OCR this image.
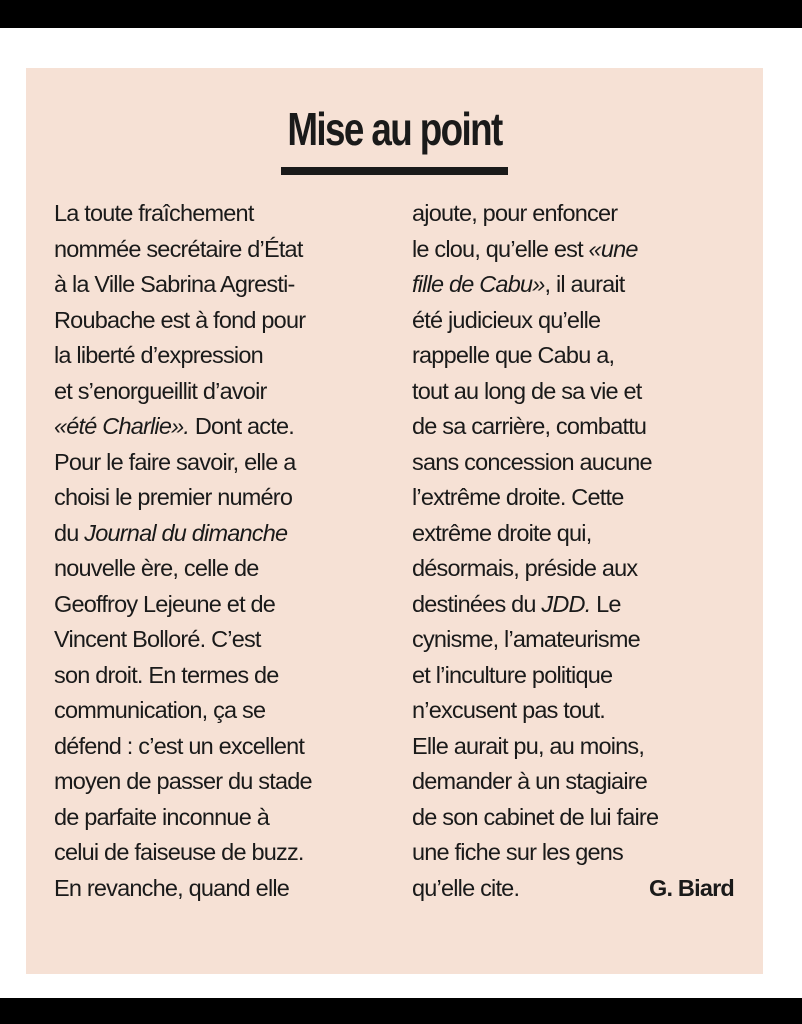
Mise au point
La toute fraîchement
nommée secrétaire d’État
à la Ville Sabrina Agresti-
Roubache est à fond pour
la liberté d’expression
et s’enorgueillit d’avoir
«été Charlie». Dont acte.
Pour le faire savoir, elle a
choisi le premier numéro
du Journal du dimanche
nouvelle ère, celle de
Geoffroy Lejeune et de
Vincent Bolloré. C’est
son droit. En termes de
communication, ça se
défend : c’est un excellent
moyen de passer du stade
de parfaite inconnue à
celui de faiseuse de buzz.
En revanche, quand elle
ajoute, pour enfoncer
le clou, qu’elle est «une
fille de Cabu», il aurait
été judicieux qu’elle
rappelle que Cabu a,
tout au long de sa vie et
de sa carrière, combattu
sans concession aucune
l’extrême droite. Cette
extrême droite qui,
désormais, préside aux
destinées du JDD. Le
cynisme, l’amateurisme
et l’inculture politique
n’excusent pas tout.
Elle aurait pu, au moins,
demander à un stagiaire
de son cabinet de lui faire
une fiche sur les gens
qu’elle cite.	G. Biard
